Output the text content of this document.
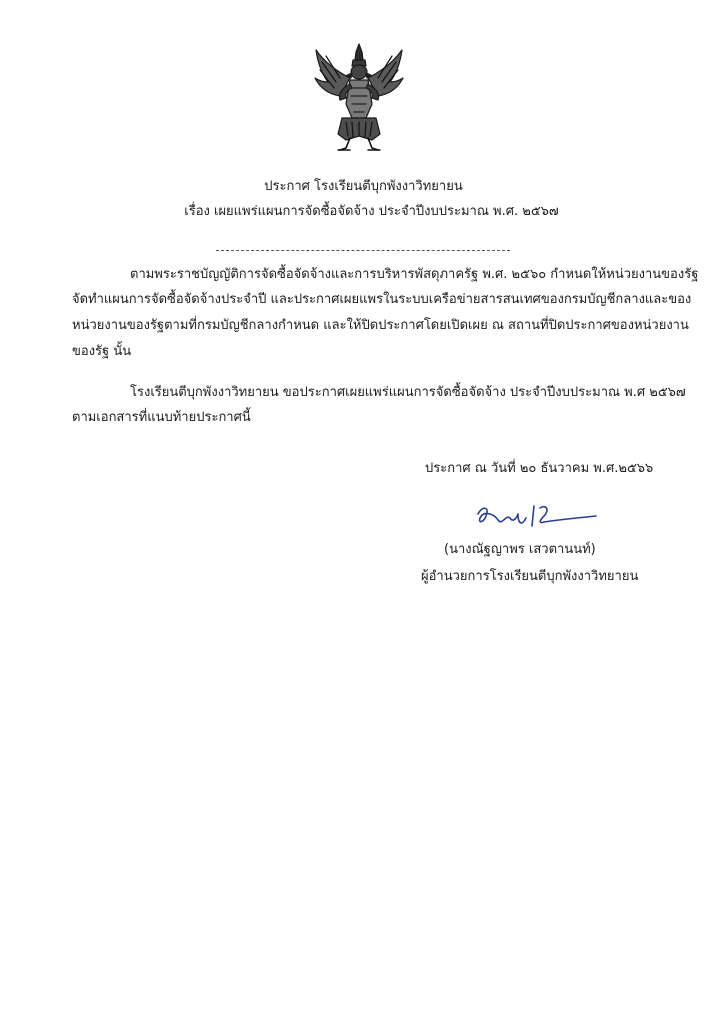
ประกาศ โรงเรียนตีบุกพังงาวิทยายน
เรื่อง เผยแพร่แผนการจัดซื้อจัดจ้าง ประจำปีงบประมาณ พ.ศ. ๒๕๖๗
ตามพระราชบัญญัติการจัดซื้อจัดจ้างและการบริหารพัสดุภาครัฐ พ.ศ. ๒๕๖๐ กำหนดให้หน่วยงานของรัฐ
จัดทำแผนการจัดซื้อจัดจ้างประจำปี และประกาศเผยแพรในระบบเครือข่ายสารสนเทศของกรมบัญชีกลางและของ
หน่วยงานของรัฐตามที่กรมบัญชีกลางกำหนด และให้ปิดประกาศโดยเปิดเผย ณ สถานที่ปิดประกาศของหน่วยงาน
ของรัฐ นั้น
โรงเรียนตีบุกพังงาวิทยายน ขอประกาศเผยแพร่แผนการจัดซื้อจัดจ้าง ประจำปีงบประมาณ พ.ศ ๒๕๖๗
ตามเอกสารที่แนบท้ายประกาศนี้
ประกาศ ณ วันที่ ๒๐ ธันวาคม พ.ศ.๒๕๖๖
(นางณัฐญาพร เสวตานนท์)
ผู้อำนวยการโรงเรียนตีบุกพังงาวิทยายน
